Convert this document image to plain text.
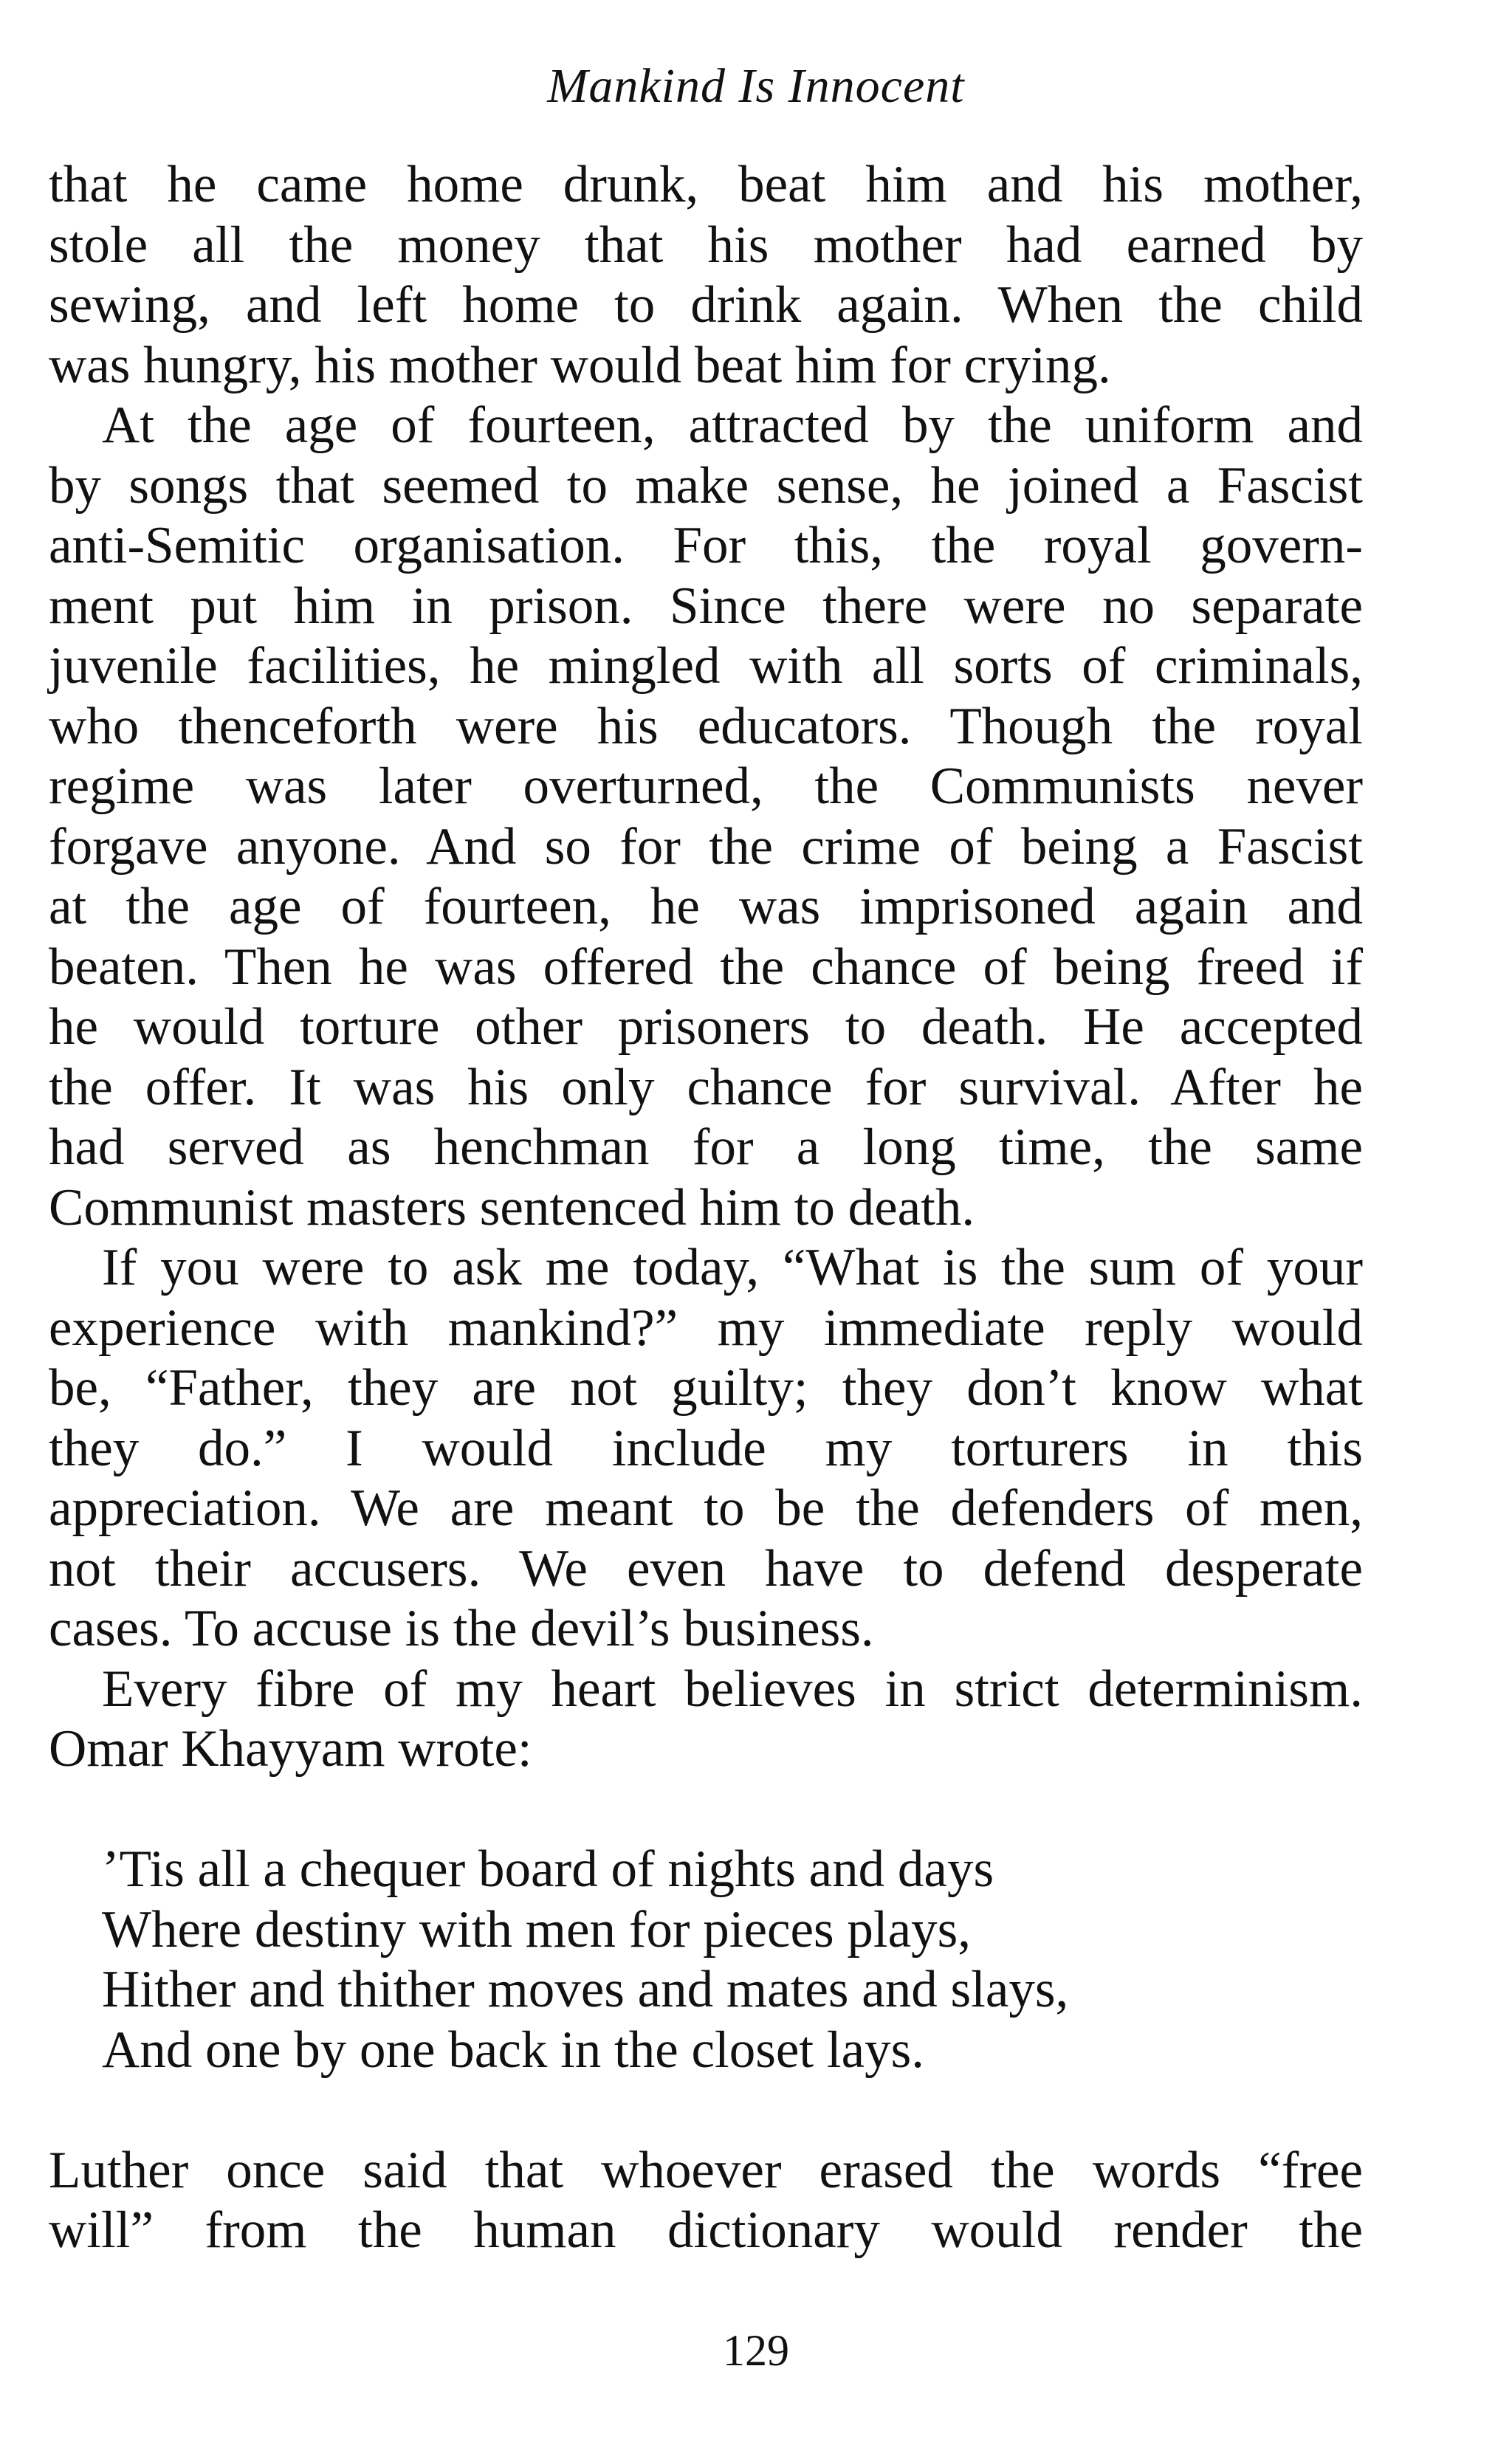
Mankind Is Innocent
that he came home drunk, beat him and his mother,
stole all the money that his mother had earned by
sewing, and left home to drink again. When the child
was hungry, his mother would beat him for crying.
At the age of fourteen, attracted by the uniform and
by songs that seemed to make sense, he joined a Fascist
anti-Semitic organisation. For this, the royal govern-
ment put him in prison. Since there were no separate
juvenile facilities, he mingled with all sorts of criminals,
who thenceforth were his educators. Though the royal
regime was later overturned, the Communists never
forgave anyone. And so for the crime of being a Fascist
at the age of fourteen, he was imprisoned again and
beaten. Then he was offered the chance of being freed if
he would torture other prisoners to death. He accepted
the offer. It was his only chance for survival. After he
had served as henchman for a long time, the same
Communist masters sentenced him to death.
If you were to ask me today, “What is the sum of your
experience with mankind?” my immediate reply would
be, “Father, they are not guilty; they don’t know what
they do.” I would include my torturers in this
appreciation. We are meant to be the defenders of men,
not their accusers. We even have to defend desperate
cases. To accuse is the devil’s business.
Every fibre of my heart believes in strict determinism.
Omar Khayyam wrote:
’Tis all a chequer board of nights and days
Where destiny with men for pieces plays,
Hither and thither moves and mates and slays,
And one by one back in the closet lays.
Luther once said that whoever erased the words “free
will” from the human dictionary would render the
129
